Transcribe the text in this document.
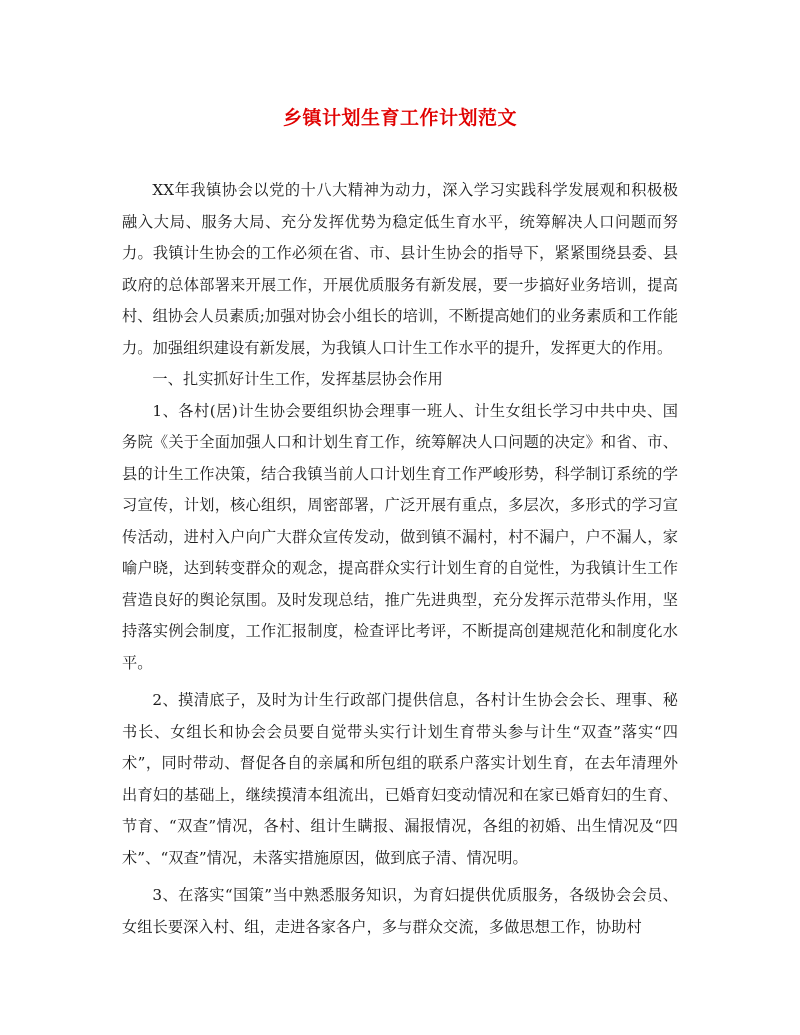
乡镇计划生育工作计划范文

XX年我镇协会以党的十八大精神为动力，深入学习实践科学发展观和积极极融入大局、服务大局、充分发挥优势为稳定低生育水平，统筹解决人口问题而努力。我镇计生协会的工作必须在省、市、县计生协会的指导下，紧紧围绕县委、县政府的总体部署来开展工作，开展优质服务有新发展，要一步搞好业务培训，提高村、组协会人员素质;加强对协会小组长的培训，不断提高她们的业务素质和工作能力。加强组织建设有新发展，为我镇人口计生工作水平的提升，发挥更大的作用。

一、扎实抓好计生工作，发挥基层协会作用

1、各村(居)计生协会要组织协会理事一班人、计生女组长学习中共中央、国务院《关于全面加强人口和计划生育工作，统筹解决人口问题的决定》和省、市、县的计生工作决策，结合我镇当前人口计划生育工作严峻形势，科学制订系统的学习宣传，计划，核心组织，周密部署，广泛开展有重点，多层次，多形式的学习宣传活动，进村入户向广大群众宣传发动，做到镇不漏村，村不漏户，户不漏人，家喻户晓，达到转变群众的观念，提高群众实行计划生育的自觉性，为我镇计生工作营造良好的舆论氛围。及时发现总结，推广先进典型，充分发挥示范带头作用，坚持落实例会制度，工作汇报制度，检查评比考评，不断提高创建规范化和制度化水平。

2、摸清底子，及时为计生行政部门提供信息，各村计生协会会长、理事、秘书长、女组长和协会会员要自觉带头实行计划生育带头参与计生“双查”落实“四术”，同时带动、督促各自的亲属和所包组的联系户落实计划生育，在去年清理外出育妇的基础上，继续摸清本组流出，已婚育妇变动情况和在家已婚育妇的生育、节育、“双查”情况，各村、组计生瞒报、漏报情况，各组的初婚、出生情况及“四术”、“双查”情况，未落实措施原因，做到底子清、情况明。

3、在落实“国策”当中熟悉服务知识，为育妇提供优质服务，各级协会会员、女组长要深入村、组，走进各家各户，多与群众交流，多做思想工作，协助村
